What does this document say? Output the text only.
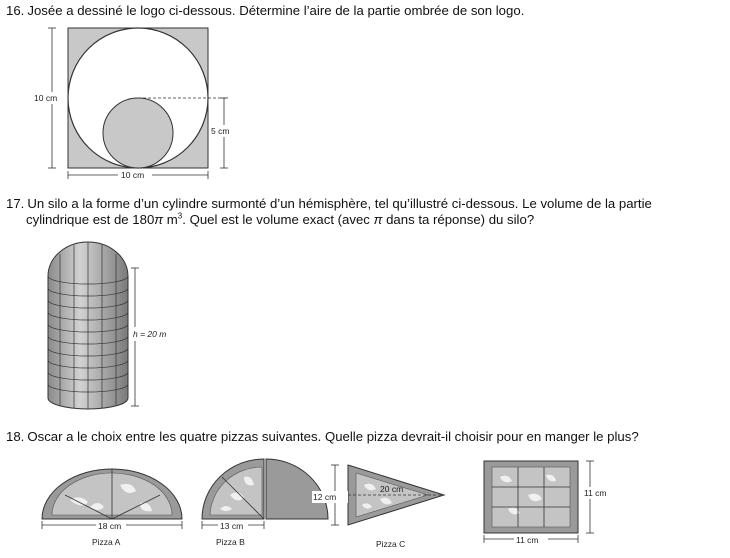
16. Josée a dessiné le logo ci-dessous. Détermine l’aire de la partie ombrée de son logo.
10 cm
5 cm
10 cm
17. Un silo a la forme d’un cylindre surmonté d’un hémisphère, tel qu’illustré ci-dessous. Le volume de la partie
cylindrique est de 180π $m^3$. Quel est le volume exact (avec π dans ta réponse) du silo?
h = 20 m
18. Oscar a le choix entre les quatre pizzas suivantes. Quelle pizza devrait-il choisir pour en manger le plus?
18 cm
Pizza A
13 cm
Pizza B
12 cm
20 cm
Pizza C
11 cm
11 cm
